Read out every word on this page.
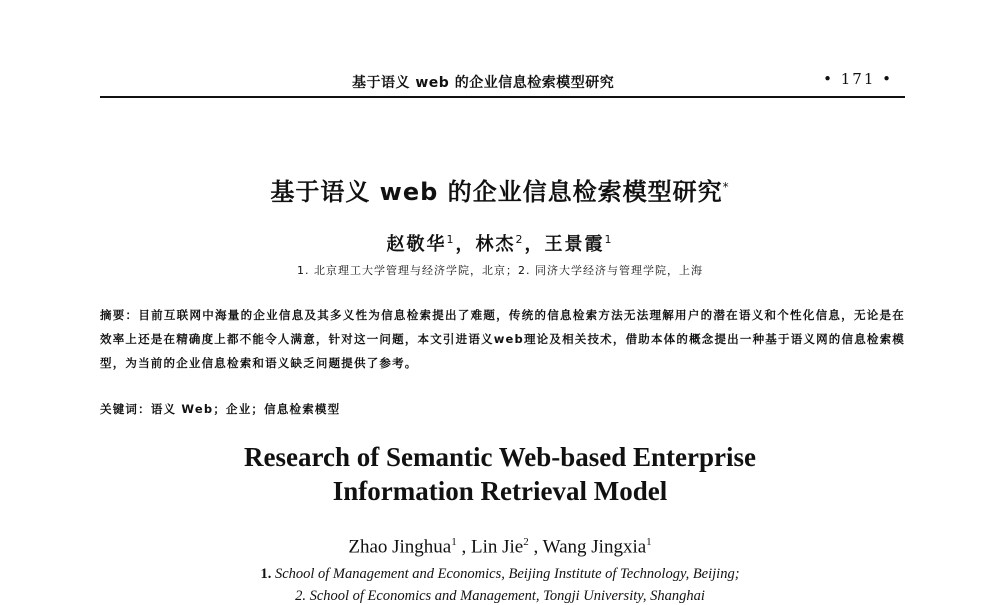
基于语义 web 的企业信息检索模型研究	• 171 •
基于语义 web 的企业信息检索模型研究*
赵敬华$^1$，林杰$^2$，王景霞$^1$
1. 北京理工大学管理与经济学院，北京；2. 同济大学经济与管理学院，上海
摘要：目前互联网中海量的企业信息及其多义性为信息检索提出了难题，传统的信息检索方法无法理解用户的潜在语义和个性化信息，无论是在效率上还是在精确度上都不能令人满意，针对这一问题，本文引进语义web理论及相关技术，借助本体的概念提出一种基于语义网的信息检索模型，为当前的企业信息检索和语义缺乏问题提供了参考。
关键词：语义 Web；企业；信息检索模型
Research of Semantic Web-based Enterprise
Information Retrieval Model
Zhao Jinghua$^1$ , Lin Jie$^2$ , Wang Jingxia$^1$
1. School of Management and Economics, Beijing Institute of Technology, Beijing;
2. School of Economics and Management, Tongji University, Shanghai
